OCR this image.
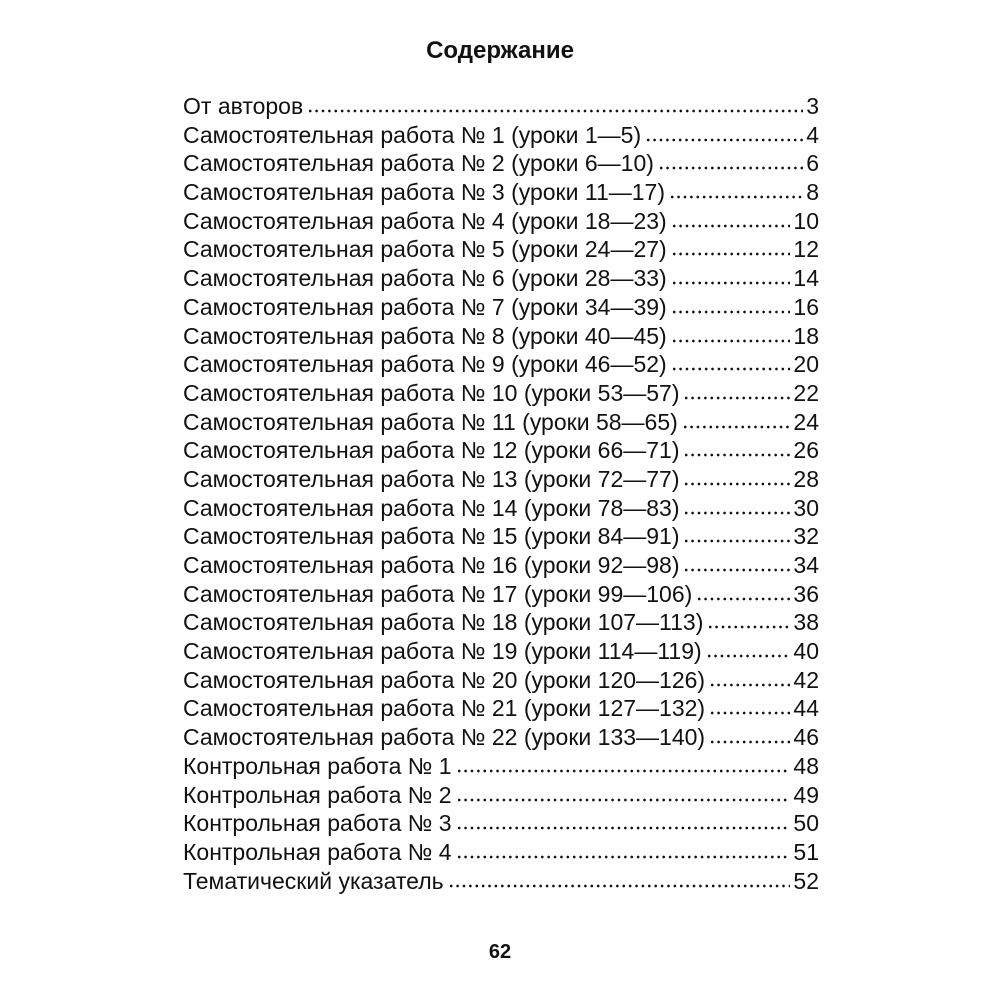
Содержание
От авторов	3
Самостоятельная работа № 1 (уроки 1—5)	4
Самостоятельная работа № 2 (уроки 6—10)	6
Самостоятельная работа № 3 (уроки 11—17)	8
Самостоятельная работа № 4 (уроки 18—23)	10
Самостоятельная работа № 5 (уроки 24—27)	12
Самостоятельная работа № 6 (уроки 28—33)	14
Самостоятельная работа № 7 (уроки 34—39)	16
Самостоятельная работа № 8 (уроки 40—45)	18
Самостоятельная работа № 9 (уроки 46—52)	20
Самостоятельная работа № 10 (уроки 53—57)	22
Самостоятельная работа № 11 (уроки 58—65)	24
Самостоятельная работа № 12 (уроки 66—71)	26
Самостоятельная работа № 13 (уроки 72—77)	28
Самостоятельная работа № 14 (уроки 78—83)	30
Самостоятельная работа № 15 (уроки 84—91)	32
Самостоятельная работа № 16 (уроки 92—98)	34
Самостоятельная работа № 17 (уроки 99—106)	36
Самостоятельная работа № 18 (уроки 107—113)	38
Самостоятельная работа № 19 (уроки 114—119)	40
Самостоятельная работа № 20 (уроки 120—126)	42
Самостоятельная работа № 21 (уроки 127—132)	44
Самостоятельная работа № 22 (уроки 133—140)	46
Контрольная работа № 1	48
Контрольная работа № 2	49
Контрольная работа № 3	50
Контрольная работа № 4	51
Тематический указатель	52
62
